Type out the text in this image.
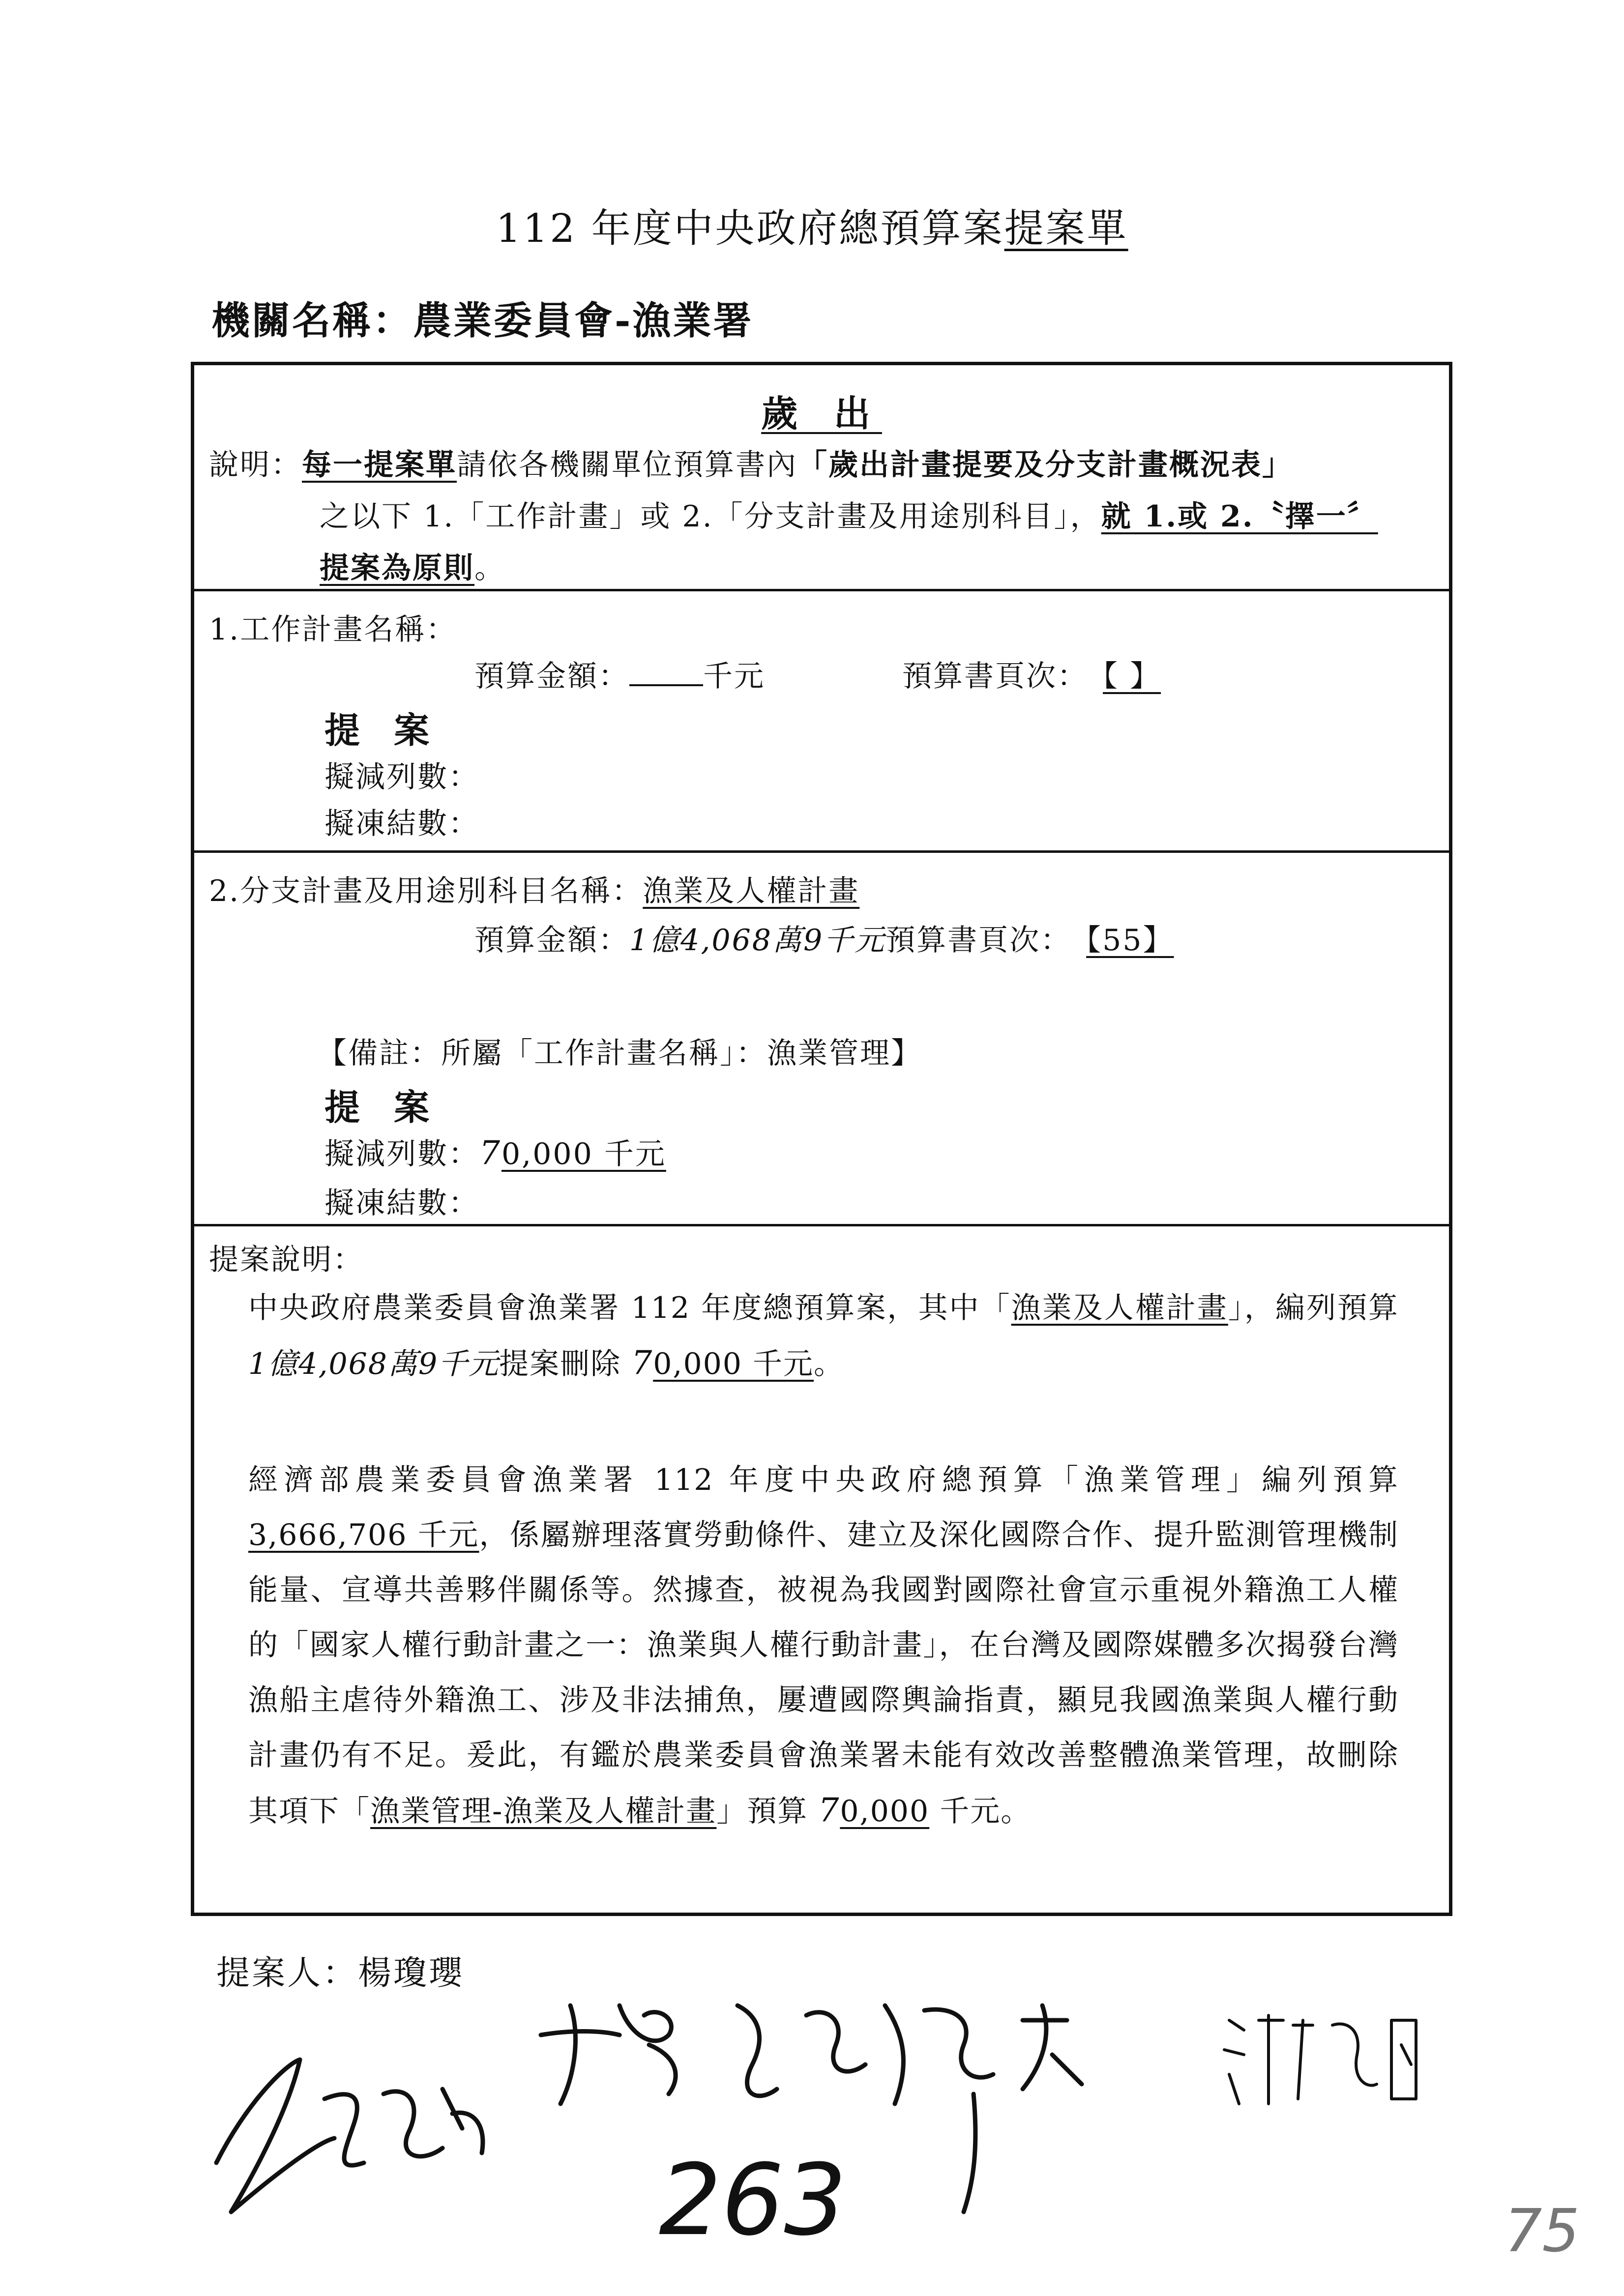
112 年度中央政府總預算案提案單
機關名稱：農業委員會-漁業署
歲 出
說明：每一提案單請依各機關單位預算書內「歲出計畫提要及分支計畫概況表」
之以下 1.「工作計畫」或 2.「分支計畫及用途別科目」，就 1.或 2.〝擇一〞
提案為原則。
1.工作計畫名稱：
預算金額：	千元	預算書頁次： 【 】
提 案
擬減列數：
擬凍結數：
2.分支計畫及用途別科目名稱：漁業及人權計畫
預算金額：1億4,068萬9千元預算書頁次： 【55】
【備註：所屬「工作計畫名稱」：漁業管理】
提 案
擬減列數：70,000 千元
擬凍結數：
提案說明：
中央政府農業委員會漁業署 112 年度總預算案，其中「漁業及人權計畫」，編列預算1億4,068萬9千元提案刪除 70,000 千元。
經濟部農業委員會漁業署 112 年度中央政府總預算「漁業管理」編列預算 3,666,706 千元，係屬辦理落實勞動條件、建立及深化國際合作、提升監測管理機制能量、宣導共善夥伴關係等。然據查，被視為我國對國際社會宣示重視外籍漁工人權的「國家人權行動計畫之一：漁業與人權行動計畫」，在台灣及國際媒體多次揭發台灣漁船主虐待外籍漁工、涉及非法捕魚，屢遭國際輿論指責，顯見我國漁業與人權行動計畫仍有不足。爰此，有鑑於農業委員會漁業署未能有效改善整體漁業管理，故刪除其項下「漁業管理-漁業及人權計畫」預算 70,000 千元。
提案人：楊瓊瓔
263	75
